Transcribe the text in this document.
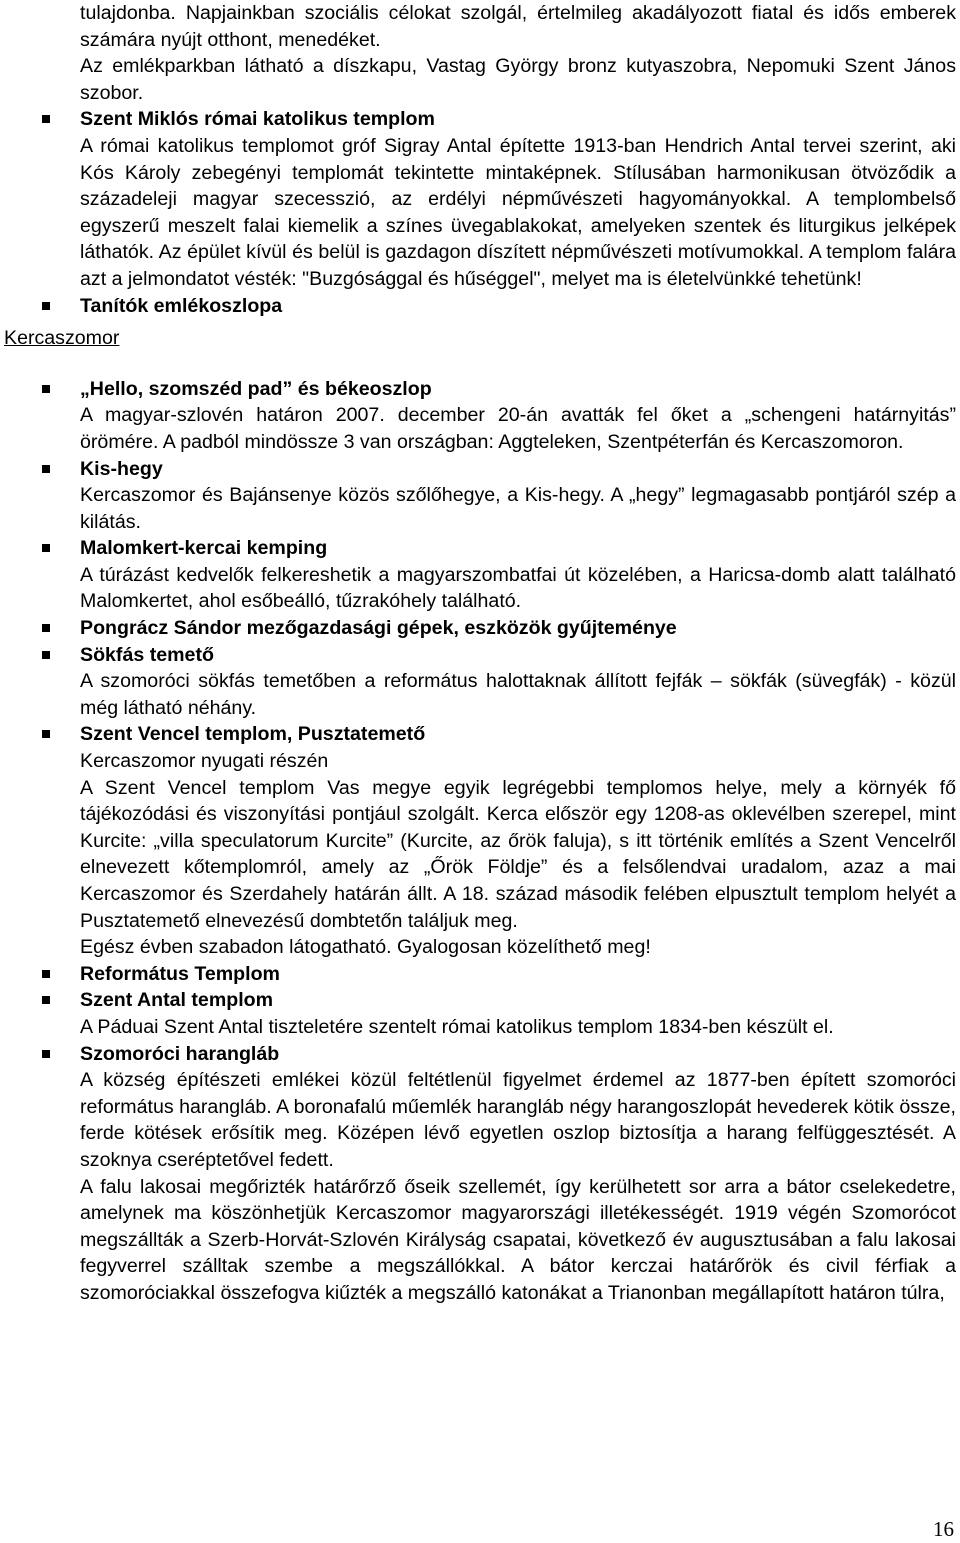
tulajdonba. Napjainkban szociális célokat szolgál, értelmileg akadályozott fiatal és idős emberek számára nyújt otthont, menedéket.
Az emlékparkban látható a díszkapu, Vastag György bronz kutyaszobra, Nepomuki Szent János szobor.
Szent Miklós római katolikus templom
A római katolikus templomot gróf Sigray Antal építette 1913-ban Hendrich Antal tervei szerint, aki Kós Károly zebegényi templomát tekintette mintaképnek. Stílusában harmonikusan ötvöződik a századeleji magyar szecesszió, az erdélyi népművészeti hagyományokkal. A templombelső egyszerű meszelt falai kiemelik a színes üvegablakokat, amelyeken szentek és liturgikus jelképek láthatók. Az épület kívül és belül is gazdagon díszített népművészeti motívumokkal. A templom falára azt a jelmondatot vésték: "Buzgósággal és hűséggel", melyet ma is életelvünkké tehetünk!
Tanítók emlékoszlopa
Kercaszomor
„Hello, szomszéd pad” és békeoszlop
A magyar-szlovén határon 2007. december 20-án avatták fel őket a „schengeni határnyitás” örömére. A padból mindössze 3 van országban: Aggteleken, Szentpéterfán és Kercaszomoron.
Kis-hegy
Kercaszomor és Bajánsenye közös szőlőhegye, a Kis-hegy. A „hegy” legmagasabb pontjáról szép a kilátás.
Malomkert-kercai kemping
A túrázást kedvelők felkereshetik a magyarszombatfai út közelében, a Haricsa-domb alatt található Malomkertet, ahol esőbeálló, tűzrakóhely található.
Pongrácz Sándor mezőgazdasági gépek, eszközök gyűjteménye
Sökfás temető
A szomoróci sökfás temetőben a református halottaknak állított fejfák – sökfák (süvegfák) - közül még látható néhány.
Szent Vencel templom, Pusztatemető
Kercaszomor nyugati részén
A Szent Vencel templom Vas megye egyik legrégebbi templomos helye, mely a környék fő tájékozódási és viszonyítási pontjául szolgált. Kerca először egy 1208-as oklevélben szerepel, mint Kurcite: „villa speculatorum Kurcite” (Kurcite, az őrök faluja), s itt történik említés a Szent Vencelről elnevezett kőtemplomról, amely az „Őrök Földje” és a felsőlendvai uradalom, azaz a mai Kercaszomor és Szerdahely határán állt. A 18. század második felében elpusztult templom helyét a Pusztatemető elnevezésű dombtetőn találjuk meg.
Egész évben szabadon látogatható. Gyalogosan közelíthető meg!
Református Templom
Szent Antal templom
A Páduai Szent Antal tiszteletére szentelt római katolikus templom 1834-ben készült el.
Szomoróci harangláb
A község építészeti emlékei közül feltétlenül figyelmet érdemel az 1877-ben épített szomoróci református harangláb. A boronafalú műemlék harangláb négy harangoszlopát hevederek kötik össze, ferde kötések erősítik meg. Középen lévő egyetlen oszlop biztosítja a harang felfüggesztését. A szoknya cseréptetővel fedett.
A falu lakosai megőrizték határőrző őseik szellemét, így kerülhetett sor arra a bátor cselekedetre, amelynek ma köszönhetjük Kercaszomor magyarországi illetékességét. 1919 végén Szomorócot megszállták a Szerb-Horvát-Szlovén Királyság csapatai, következő év augusztusában a falu lakosai fegyverrel szálltak szembe a megszállókkal. A bátor kerczai határőrök és civil férfiak a szomoróciakkal összefogva kiűzték a megszálló katonákat a Trianonban megállapított határon túlra,
16
